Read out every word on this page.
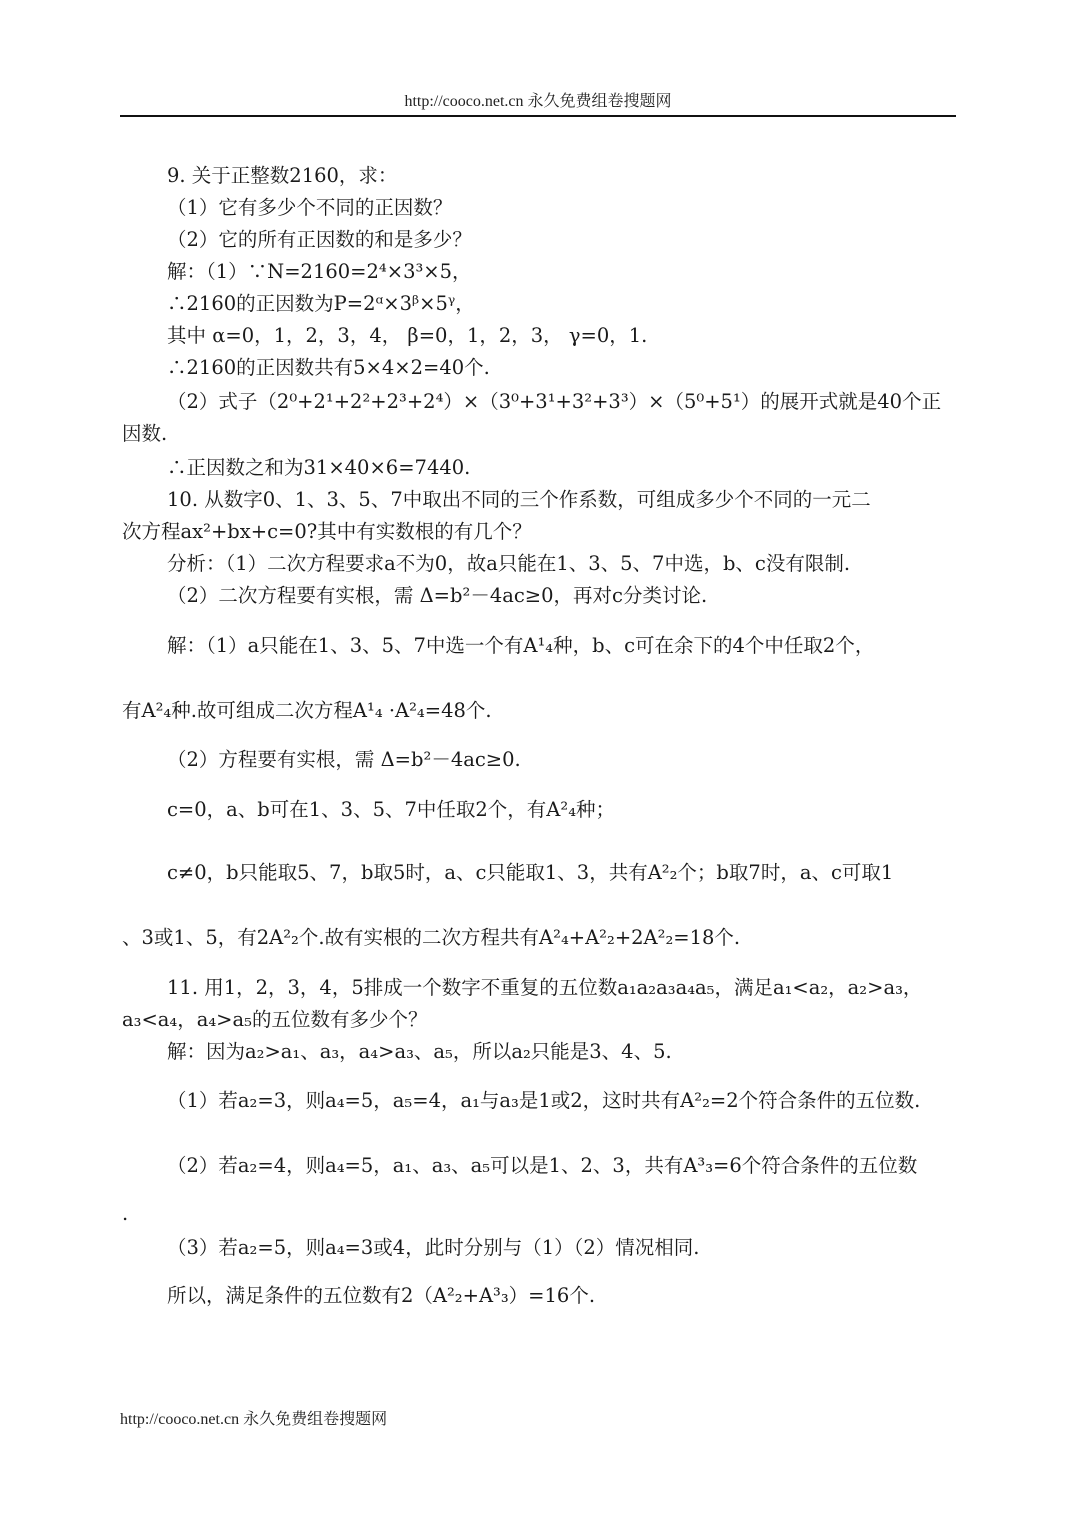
http://cooco.net.cn 永久免费组卷搜题网
9. 关于正整数2160，求：
（1）它有多少个不同的正因数？
（2）它的所有正因数的和是多少？
解：（1）∵N=2160=2⁴×3³×5，
∴2160的正因数为P=2ᵅ×3ᵝ×5ᵞ，
其中 α=0，1，2，3，4， β=0，1，2，3， γ=0，1.
∴2160的正因数共有5×4×2=40个.
（2）式子（2⁰+2¹+2²+2³+2⁴）×（3⁰+3¹+3²+3³）×（5⁰+5¹）的展开式就是40个正
因数.
∴正因数之和为31×40×6=7440.
10. 从数字0、1、3、5、7中取出不同的三个作系数，可组成多少个不同的一元二
次方程ax²+bx+c=0?其中有实数根的有几个？
分析：（1）二次方程要求a不为0，故a只能在1、3、5、7中选，b、c没有限制.
（2）二次方程要有实根，需 Δ=b²－4ac≥0，再对c分类讨论.
解：（1）a只能在1、3、5、7中选一个有A¹₄种，b、c可在余下的4个中任取2个，
有A²₄种.故可组成二次方程A¹₄ ·A²₄=48个.
（2）方程要有实根，需 Δ=b²－4ac≥0.
c=0，a、b可在1、3、5、7中任取2个，有A²₄种；
c≠0，b只能取5、7，b取5时，a、c只能取1、3，共有A²₂个；b取7时，a、c可取1
、3或1、5，有2A²₂个.故有实根的二次方程共有A²₄+A²₂+2A²₂=18个.
11. 用1，2，3，4，5排成一个数字不重复的五位数a₁a₂a₃a₄a₅，满足a₁<a₂，a₂>a₃，
a₃<a₄，a₄>a₅的五位数有多少个？
解：因为a₂>a₁、a₃，a₄>a₃、a₅，所以a₂只能是3、4、5.
（1）若a₂=3，则a₄=5，a₅=4，a₁与a₃是1或2，这时共有A²₂=2个符合条件的五位数.
（2）若a₂=4，则a₄=5，a₁、a₃、a₅可以是1、2、3，共有A³₃=6个符合条件的五位数
.
（3）若a₂=5，则a₄=3或4，此时分别与（1）（2）情况相同.
所以，满足条件的五位数有2（A²₂+A³₃）=16个.
http://cooco.net.cn 永久免费组卷搜题网
